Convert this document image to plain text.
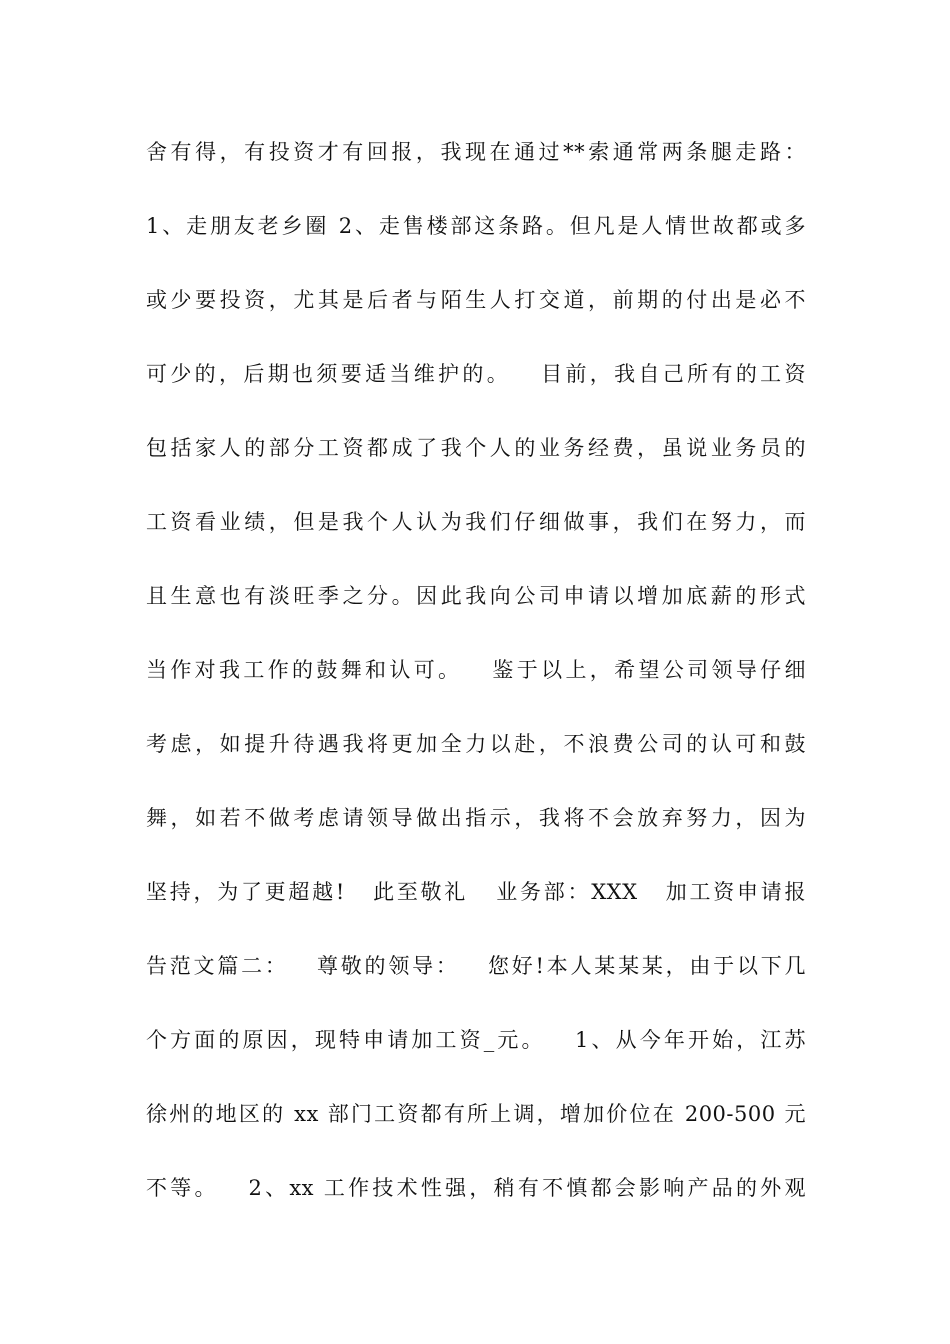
舍有得，有投资才有回报，我现在通过**索通常两条腿走路：
1、走朋友老乡圈 2、走售楼部这条路。但凡是人情世故都或多
或少要投资，尤其是后者与陌生人打交道，前期的付出是必不
可少的，后期也须要适当维护的。   目前，我自己所有的工资
包括家人的部分工资都成了我个人的业务经费，虽说业务员的
工资看业绩，但是我个人认为我们仔细做事，我们在努力，而
且生意也有淡旺季之分。因此我向公司申请以增加底薪的形式
当作对我工作的鼓舞和认可。   鉴于以上，希望公司领导仔细
考虑，如提升待遇我将更加全力以赴，不浪费公司的认可和鼓
舞，如若不做考虑请领导做出指示，我将不会放弃努力，因为
坚持，为了更超越!   此至敬礼   业务部：XXX   加工资申请报
告范文篇二：   尊敬的领导：   您好!本人某某某，由于以下几
个方面的原因，现特申请加工资_元。   1、从今年开始，江苏
徐州的地区的 xx 部门工资都有所上调，增加价位在 200-500 元
不等。   2、xx 工作技术性强，稍有不慎都会影响产品的外观
